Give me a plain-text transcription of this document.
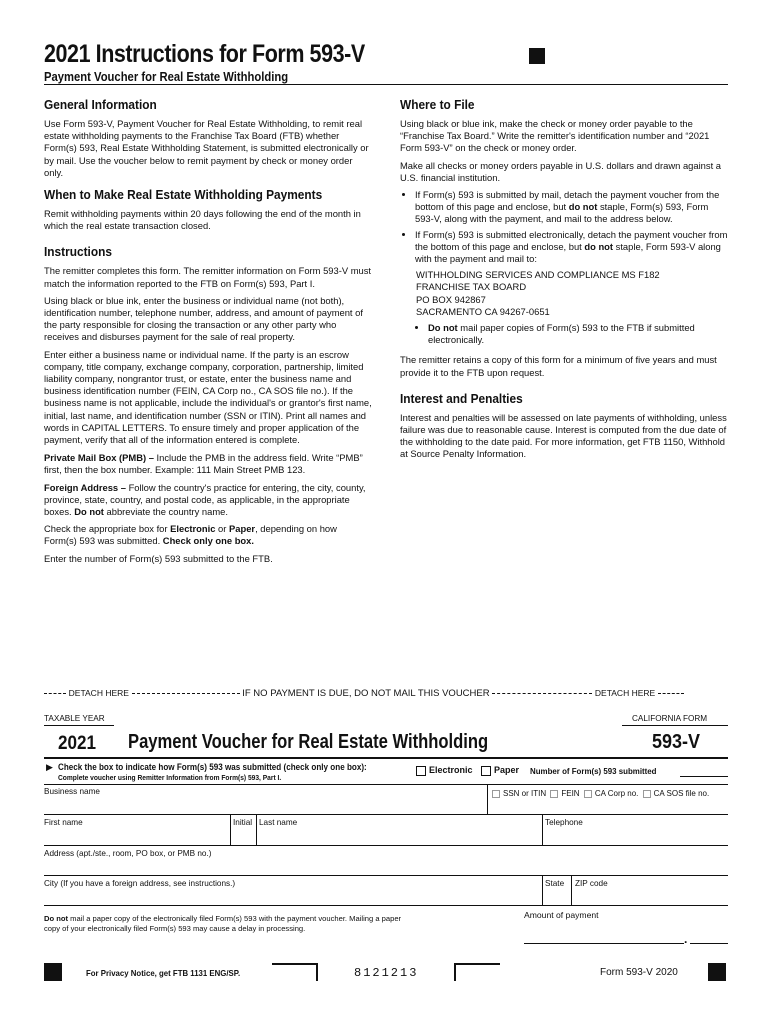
2021 Instructions for Form 593-V
Payment Voucher for Real Estate Withholding
General Information

Use Form 593-V, Payment Voucher for Real Estate Withholding, to remit real estate withholding payments to the Franchise Tax Board (FTB) whether Form(s) 593, Real Estate Withholding Statement, is submitted electronically or by mail. Use the voucher below to remit payment by check or money order only.

When to Make Real Estate Withholding Payments

Remit withholding payments within 20 days following the end of the month in which the real estate transaction closed.

Instructions

The remitter completes this form. The remitter information on Form 593-V must match the information reported to the FTB on Form(s) 593, Part I.

Using black or blue ink, enter the business or individual name (not both), identification number, telephone number, address, and amount of payment of the party responsible for closing the transaction or any other party who receives and disburses payment for the sale of real property.

Enter either a business name or individual name. If the party is an escrow company, title company, exchange company, corporation, partnership, limited liability company, nongrantor trust, or estate, enter the business name and business identification number (FEIN, CA Corp no., CA SOS file no.). If the business name is not applicable, include the individual's or grantor's first name, initial, last name, and identification number (SSN or ITIN). Print all names and words in CAPITAL LETTERS. To ensure timely and proper application of the payment, verify that all of the information entered is complete.

Private Mail Box (PMB) – Include the PMB in the address field. Write “PMB” first, then the box number. Example: 111 Main Street PMB 123.

Foreign Address – Follow the country's practice for entering, the city, county, province, state, country, and postal code, as applicable, in the appropriate boxes. Do not abbreviate the country name.

Check the appropriate box for Electronic or Paper, depending on how Form(s) 593 was submitted. Check only one box.

Enter the number of Form(s) 593 submitted to the FTB.

Where to File

Using black or blue ink, make the check or money order payable to the “Franchise Tax Board.” Write the remitter's identification number and “2021 Form 593-V” on the check or money order.

Make all checks or money orders payable in U.S. dollars and drawn against a U.S. financial institution.

• If Form(s) 593 is submitted by mail, detach the payment voucher from the bottom of this page and enclose, but do not staple, Form(s) 593, Form 593-V, along with the payment, and mail to the address below.
• If Form(s) 593 is submitted electronically, detach the payment voucher from the bottom of this page and enclose, but do not staple, Form 593-V along with the payment and mail to:
WITHHOLDING SERVICES AND COMPLIANCE MS F182
FRANCHISE TAX BOARD
PO BOX 942867
SACRAMENTO CA 94267-0651
• Do not mail paper copies of Form(s) 593 to the FTB if submitted electronically.

The remitter retains a copy of this form for a minimum of five years and must provide it to the FTB upon request.

Interest and Penalties

Interest and penalties will be assessed on late payments of withholding, unless failure was due to reasonable cause. Interest is computed from the due date of the withholding to the date paid. For more information, get FTB 1150, Withhold at Source Penalty Information.

DETACH HERE	IF NO PAYMENT IS DUE, DO NOT MAIL THIS VOUCHER	DETACH HERE
TAXABLE YEAR	CALIFORNIA FORM
2021 Payment Voucher for Real Estate Withholding	593-V
▶ Check the box to indicate how Form(s) 593 was submitted (check only one box):
Complete voucher using Remitter Information from Form(s) 593, Part I.
Electronic	Paper Number of Form(s) 593 submitted
Business name	SSN or ITIN FEIN CA Corp no. CA SOS file no.
First name	Initial Last name	Telephone
Address (apt./ste., room, PO box, or PMB no.)
City (If you have a foreign address, see instructions.)	State ZIP code
Do not mail a paper copy of the electronically filed Form(s) 593 with the payment voucher. Mailing a paper copy of your electronically filed Form(s) 593 may cause a delay in processing.
Amount of payment
.
For Privacy Notice, get FTB 1131 ENG/SP.	8121213	Form 593-V 2020
